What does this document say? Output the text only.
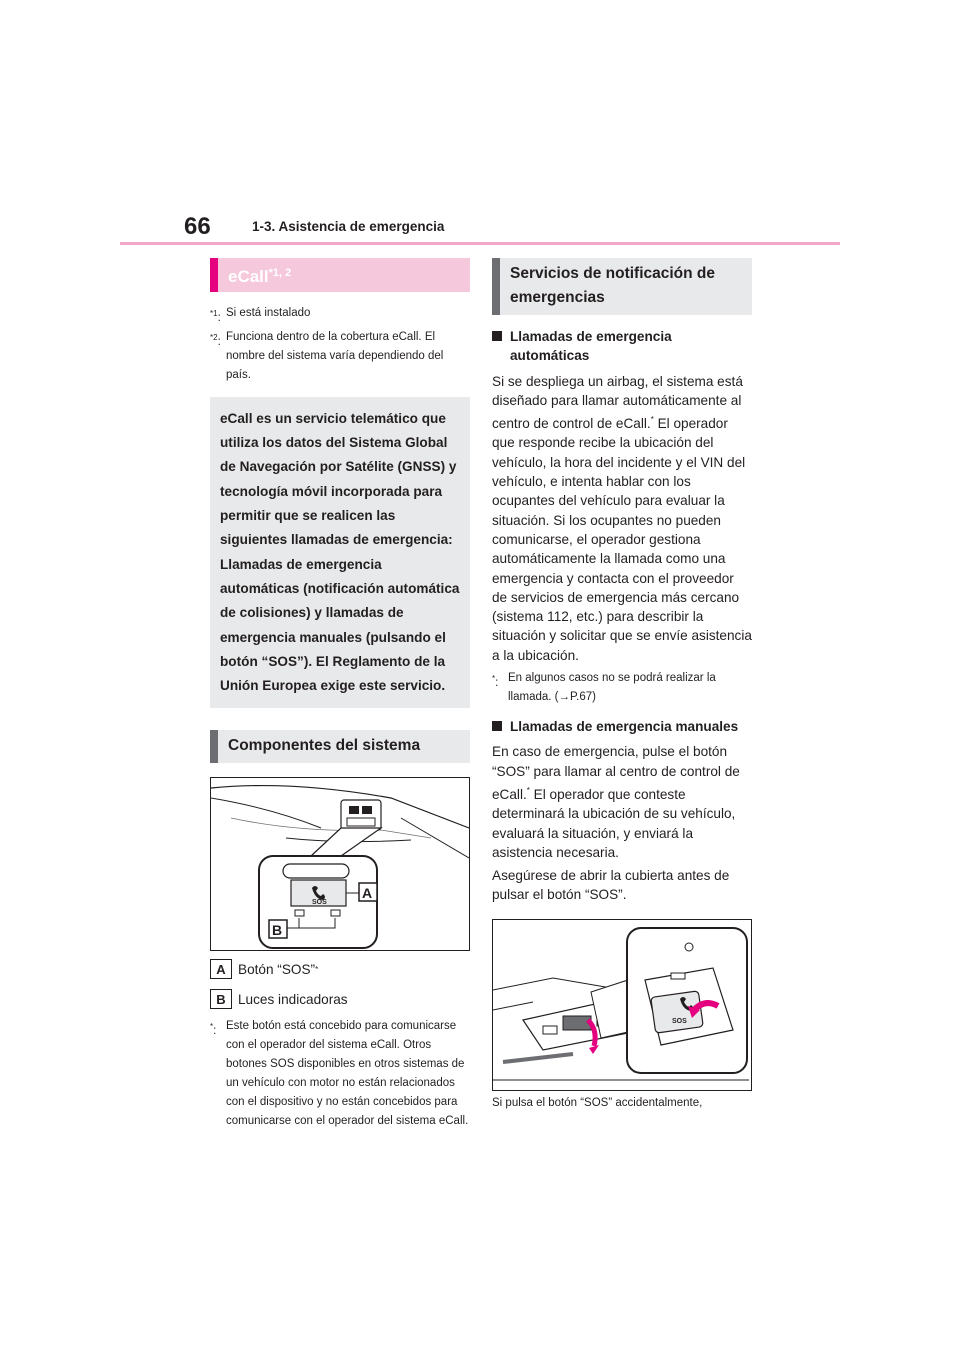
66	1-3. Asistencia de emergencia
eCall$^{*1, 2}$
$^{*1}$: Si está instalado
$^{*2}$: Funciona dentro de la cobertura eCall. El nombre del sistema varía dependiendo del país.
eCall es un servicio telemático que utiliza los datos del Sistema Global de Navegación por Satélite (GNSS) y tecnología móvil incorporada para permitir que se realicen las siguientes llamadas de emergencia: Llamadas de emergencia automáticas (notificación automática de colisiones) y llamadas de emergencia manuales (pulsando el botón “SOS”). El Reglamento de la Unión Europea exige este servicio.
Componentes del sistema
SOS
A
B
A Botón “SOS” *
B Luces indicadoras
*: Este botón está concebido para comunicarse con el operador del sistema eCall. Otros botones SOS disponibles en otros sistemas de un vehículo con motor no están relacionados con el dispositivo y no están concebidos para comunicarse con el operador del sistema eCall.
Servicios de notificación de emergencias
Llamadas de emergencia automáticas
Si se despliega un airbag, el sistema está diseñado para llamar automáticamente al centro de control de eCall.* El operador que responde recibe la ubicación del vehículo, la hora del incidente y el VIN del vehículo, e intenta hablar con los ocupantes del vehículo para evaluar la situación. Si los ocupantes no pueden comunicarse, el operador gestiona automáticamente la llamada como una emergencia y contacta con el proveedor de servicios de emergencia más cercano (sistema 112, etc.) para describir la situación y solicitar que se envíe asistencia a la ubicación.
*: En algunos casos no se podrá realizar la llamada. (→P.67)
Llamadas de emergencia manuales
En caso de emergencia, pulse el botón “SOS” para llamar al centro de control de eCall.* El operador que conteste determinará la ubicación de su vehículo, evaluará la situación, y enviará la asistencia necesaria.
Asegúrese de abrir la cubierta antes de pulsar el botón “SOS”.
SOS
Si pulsa el botón “SOS” accidentalmente,
